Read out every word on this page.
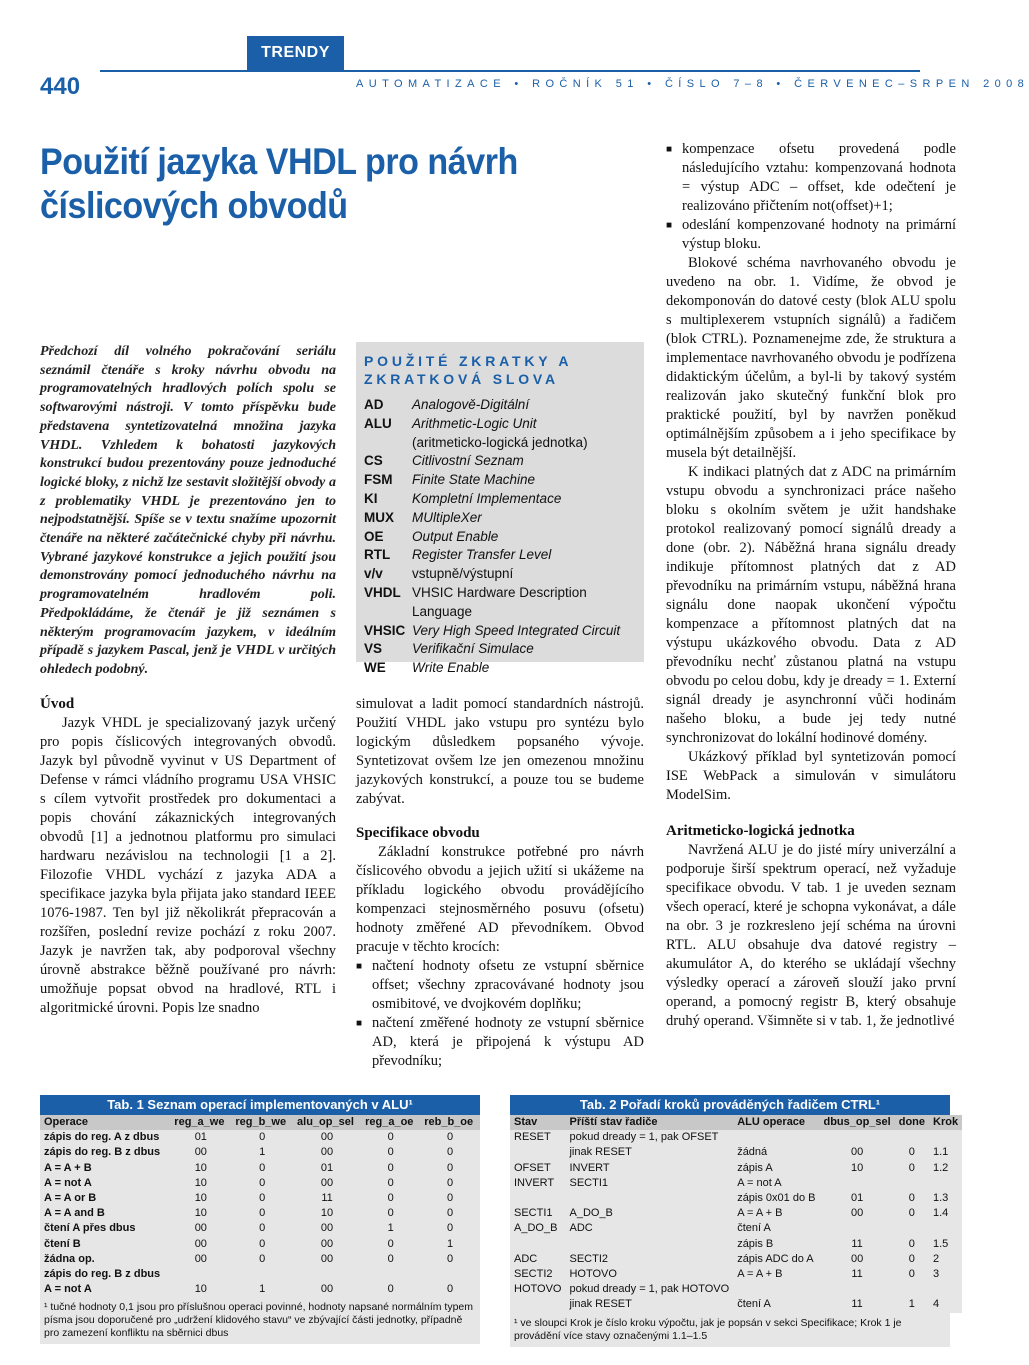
TRENDY
440	AUTOMATIZACE • ROČNÍK 51 • ČÍSLO 7–8 • ČERVENEC–SRPEN 2008
Použití jazyka VHDL pro návrh číslicových obvodů
Předchozí díl volného pokračování seriálu seznámil čtenáře s kroky návrhu obvodu na programovatelných hradlových polích spolu se softwarovými nástroji. V tomto příspěvku bude představena syntetizovatelná množina jazyka VHDL. Vzhledem k bohatosti jazykových konstrukcí budou prezentovány pouze jednoduché logické bloky, z nichž lze sestavit složitější obvody a z problematiky VHDL je prezentováno jen to nejpodstatnější. Spíše se v textu snažíme upozornit čtenáře na některé začátečnické chyby při návrhu. Vybrané jazykové konstrukce a jejich použití jsou demonstrovány pomocí jednoduchého návrhu na programovatelném hradlovém poli. Předpokládáme, že čtenář je již seznámen s některým programovacím jazykem, v ideálním případě s jazykem Pascal, jenž je VHDL v určitých ohledech podobný.

Úvod

Jazyk VHDL je specializovaný jazyk určený pro popis číslicových integrovaných obvodů. Jazyk byl původně vyvinut v US Department of Defense v rámci vládního programu USA VHSIC s cílem vytvořit prostředek pro dokumentaci a popis chování zákaznických integrovaných obvodů [1] a jednotnou platformu pro simulaci hardwaru nezávislou na technologii [1 a 2]. Filozofie VHDL vychází z jazyka ADA a specifikace jazyka byla přijata jako standard IEEE 1076-1987. Ten byl již několikrát přepracován a rozšířen, poslední revize pochází z roku 2007. Jazyk je navržen tak, aby podporoval všechny úrovně abstrakce běžně používané pro návrh: umožňuje popsat obvod na hradlové, RTL i algoritmické úrovni. Popis lze snadno

POUŽITÉ ZKRATKY A ZKRATKOVÁ SLOVA
AD	Analogově-Digitální
ALU	Arithmetic-Logic Unit
(aritmeticko-logická jednotka)
CS	Citlivostní Seznam
FSM	Finite State Machine
KI	Kompletní Implementace
MUX	MUltipleXer
OE	Output Enable
RTL	Register Transfer Level
v/v	vstupně/výstupní
VHDL VHSIC Hardware Description Language
VHSIC Very High Speed Integrated Circuit
VS	Verifikační Simulace
WE	Write Enable

simulovat a ladit pomocí standardních nástrojů. Použití VHDL jako vstupu pro syntézu bylo logickým důsledkem popsaného vývoje. Syntetizovat ovšem lze jen omezenou množinu jazykových konstrukcí, a pouze tou se budeme zabývat.

Specifikace obvodu

Základní konstrukce potřebné pro návrh číslicového obvodu a jejich užití si ukážeme na příkladu logického obvodu provádějícího kompenzaci stejnosměrného posuvu (ofsetu) hodnoty změřené AD převodníkem. Obvod pracuje v těchto krocích:

■ načtení hodnoty ofsetu ze vstupní sběrnice offset; všechny zpracovávané hodnoty jsou osmibitové, ve dvojkovém doplňku;
■ načtení změřené hodnoty ze vstupní sběrnice AD, která je připojená k výstupu AD převodníku;
■ kompenzace ofsetu provedená podle následujícího vztahu: kompenzovaná hodnota = výstup ADC – offset, kde odečtení je realizováno přičtením not(offset)+1;
■ odeslání kompenzované hodnoty na primární výstup bloku.

Blokové schéma navrhovaného obvodu je uvedeno na obr. 1. Vidíme, že obvod je dekomponován do datové cesty (blok ALU spolu s multiplexerem vstupních signálů) a řadičem (blok CTRL). Poznamenejme zde, že struktura a implementace navrhovaného obvodu je podřízena didaktickým účelům, a byl-li by takový systém realizován jako skutečný funkční blok pro praktické použití, byl by navržen poněkud optimálnějším způsobem a i jeho specifikace by musela být detailnější.

K indikaci platných dat z ADC na primárním vstupu obvodu a synchronizaci práce našeho bloku s okolním světem je užit handshake protokol realizovaný pomocí signálů dready a done (obr. 2). Náběžná hrana signálu dready indikuje přítomnost platných dat z AD převodníku na primárním vstupu, náběžná hrana signálu done naopak ukončení výpočtu kompenzace a přítomnost platných dat na výstupu ukázkového obvodu. Data z AD převodníku nechť zůstanou platná na vstupu obvodu po celou dobu, kdy je dready = 1. Externí signál dready je asynchronní vůči hodinám našeho bloku, a bude jej tedy nutné synchronizovat do lokální hodinové domény.

Ukázkový příklad byl syntetizován pomocí ISE WebPack a simulován v simulátoru ModelSim.

Aritmeticko-logická jednotka

Navržená ALU je do jisté míry univerzální a podporuje širší spektrum operací, než vyžaduje specifikace obvodu. V tab. 1 je uveden seznam všech operací, které je schopna vykonávat, a dále na obr. 3 je rozkresleno její schéma na úrovni RTL. ALU obsahuje dva datové registry – akumulátor A, do kterého se ukládají všechny výsledky operací a zároveň slouží jako první operand, a pomocný registr B, který obsahuje druhý operand. Všimněte si v tab. 1, že jednotlivé

Tab. 1 Seznam operací implementovaných v ALU¹
Operace	reg_a_we	reg_b_we	alu_op_sel	reg_a_oe	reb_b_oe
zápis do reg. A z dbus	01	0	00	0	0
zápis do reg. B z dbus	00	1	00	0	0
A = A + B	10	0	01	0	0
A = not A	10	0	00	0	0
A = A or B	10	0	11	0	0
A = A and B	10	0	10	0	0
čtení A přes dbus	00	0	00	1	0
čtení B	00	0	00	0	1
žádna op.	00	0	00	0	0
zápis do reg. B z dbus					
A = not A	10	1	00	0	0
¹ tučné hodnoty 0,1 jsou pro příslušnou operaci povinné, hodnoty napsané normálním typem písma jsou doporučené pro „udržení klidového stavu“ ve zbývající části jednotky, případně pro zamezení konfliktu na sběrnici dbus
Tab. 2 Pořadí kroků prováděných řadičem CTRL¹
Stav	Příští stav řadiče	ALU operace	dbus_op_sel	done	Krok
RESET	pokud dready = 1, pak OFSET				
	jinak RESET	žádná	00	0	1.1
OFSET	INVERT	zápis A	10	0	1.2
INVERT	SECTI1	A = not A			
		zápis 0x01 do B	01	0	1.3
SECTI1	A_DO_B	A = A + B	00	0	1.4
A_DO_B	ADC	čtení A			
		zápis B	11	0	1.5
ADC	SECTI2	zápis ADC do A	00	0	2
SECTI2	HOTOVO	A = A + B	11	0	3
HOTOVO	pokud dready = 1, pak HOTOVO				
	jinak RESET	čtení A	11	1	4
¹ ve sloupci Krok je číslo kroku výpočtu, jak je popsán v sekci Specifikace; Krok 1 je provádění více stavy označenými 1.1–1.5
